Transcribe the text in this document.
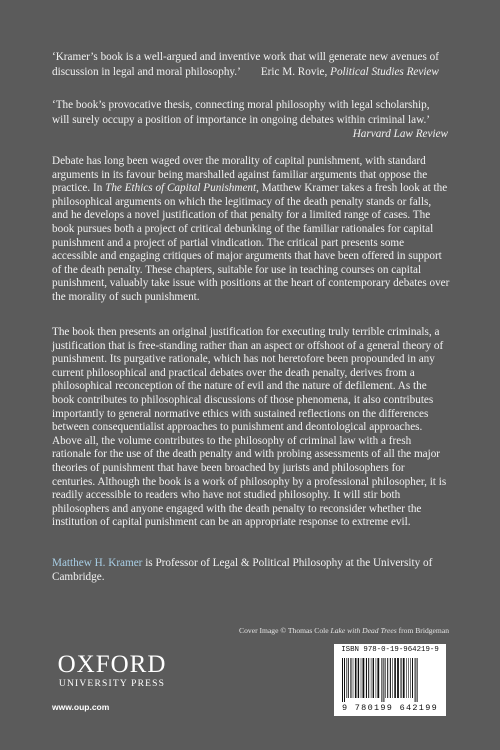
‘Kramer’s book is a well-argued and inventive work that will generate new avenues of
discussion in legal and moral philosophy.’ Eric M. Rovie, Political Studies Review
‘The book’s provocative thesis, connecting moral philosophy with legal scholarship,
will surely occupy a position of importance in ongoing debates within criminal law.’
Harvard Law Review
Debate has long been waged over the morality of capital punishment, with standard arguments in its favour being marshalled against familiar arguments that oppose the practice. In The Ethics of Capital Punishment, Matthew Kramer takes a fresh look at the philosophical arguments on which the legitimacy of the death penalty stands or falls, and he develops a novel justification of that penalty for a limited range of cases. The book pursues both a project of critical debunking of the familiar rationales for capital punishment and a project of partial vindication. The critical part presents some accessible and engaging critiques of major arguments that have been offered in support of the death penalty. These chapters, suitable for use in teaching courses on capital punishment, valuably take issue with positions at the heart of contemporary debates over the morality of such punishment.
The book then presents an original justification for executing truly terrible criminals, a justification that is free-standing rather than an aspect or offshoot of a general theory of punishment. Its purgative rationale, which has not heretofore been propounded in any current philosophical and practical debates over the death penalty, derives from a philosophical reconception of the nature of evil and the nature of defilement. As the book contributes to philosophical discussions of those phenomena, it also contributes importantly to general normative ethics with sustained reflections on the differences between consequentialist approaches to punishment and deontological approaches. Above all, the volume contributes to the philosophy of criminal law with a fresh rationale for the use of the death penalty and with probing assessments of all the major theories of punishment that have been broached by jurists and philosophers for centuries. Although the book is a work of philosophy by a professional philosopher, it is readily accessible to readers who have not studied philosophy. It will stir both philosophers and anyone engaged with the death penalty to reconsider whether the institution of capital punishment can be an appropriate response to extreme evil.
Matthew H. Kramer is Professor of Legal & Political Philosophy at the University of Cambridge.
Cover Image © Thomas Cole Lake with Dead Trees from Bridgeman
OXFORD
UNIVERSITY PRESS
www.oup.com
ISBN 978-0-19-964219-9
9 780199 642199
